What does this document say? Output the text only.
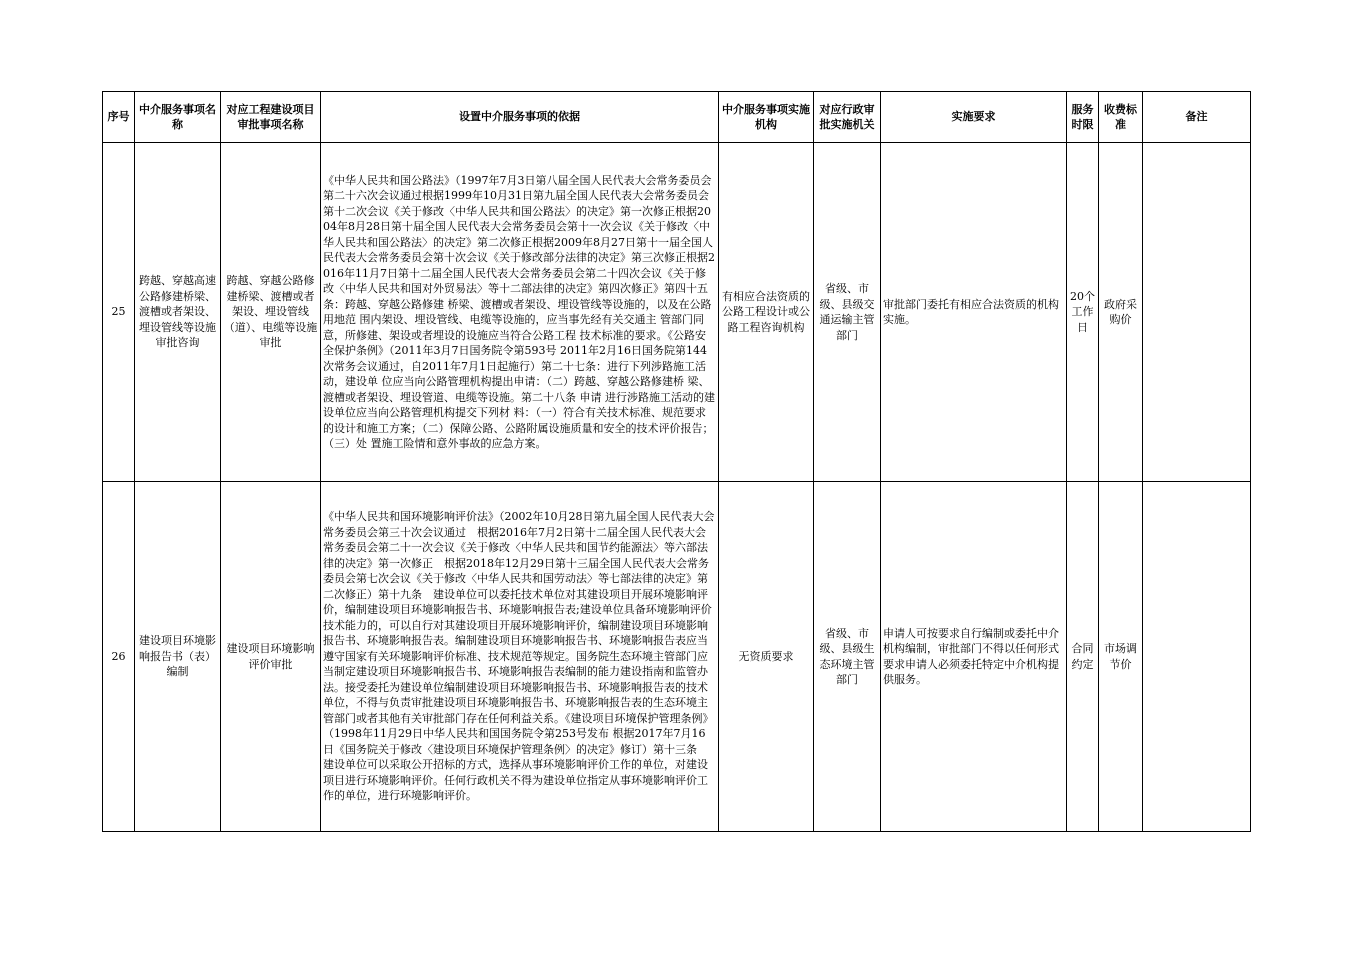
序号	中介服务事项名称	对应工程建设项目审批事项名称	设置中介服务事项的依据	中介服务事项实施机构	对应行政审批实施机关	实施要求	服务时限	收费标准	备注
25	跨越、穿越高速公路修建桥梁、渡槽或者架设、埋设管线等设施审批咨询	跨越、穿越公路修建桥梁、渡槽或者架设、埋设管线（道）、电缆等设施审批	《中华人民共和国公路法》（1997年7月3日第八届全国人民代表大会常务委员会第二十六次会议通过根据1999年10月31日第九届全国人民代表大会常务委员会第十二次会议《关于修改〈中华人民共和国公路法〉的决定》第一次修正根据2004年8月28日第十届全国人民代表大会常务委员会第十一次会议《关于修改〈中华人民共和国公路法〉的决定》第二次修正根据2009年8月27日第十一届全国人民代表大会常务委员会第十次会议《关于修改部分法律的决定》第三次修正根据2016年11月7日第十二届全国人民代表大会常务委员会第二十四次会议《关于修改〈中华人民共和国对外贸易法〉等十二部法律的决定》第四次修正》第四十五条：跨越、穿越公路修建 桥梁、渡槽或者架设、埋设管线等设施的，以及在公路用地范 围内架设、埋设管线、电缆等设施的，应当事先经有关交通主 管部门同意，所修建、架设或者埋设的设施应当符合公路工程 技术标准的要求。《公路安全保护条例》（2011年3月7日国务院令第593号 2011年2月16日国务院第144次常务会议通过，自2011年7月1日起施行）第二十七条：进行下列涉路施工活动，建设单 位应当向公路管理机构提出申请：（二）跨越、穿越公路修建桥 梁、渡槽或者架设、埋设管道、电缆等设施。第二十八条 申请 进行涉路施工活动的建设单位应当向公路管理机构提交下列材 料：（一）符合有关技术标准、规范要求的设计和施工方案；（二）保障公路、公路附属设施质量和安全的技术评价报告；（三）处 置施工险情和意外事故的应急方案。	有相应合法资质的公路工程设计或公路工程咨询机构	省级、市级、县级交通运输主管部门	审批部门委托有相应合法资质的机构实施。	20个工作日	政府采购价	
26	建设项目环境影响报告书（表）编制	建设项目环境影响评价审批	《中华人民共和国环境影响评价法》（2002年10月28日第九届全国人民代表大会常务委员会第三十次会议通过　根据2016年7月2日第十二届全国人民代表大会常务委员会第二十一次会议《关于修改〈中华人民共和国节约能源法〉等六部法律的决定》第一次修正　根据2018年12月29日第十三届全国人民代表大会常务委员会第七次会议《关于修改〈中华人民共和国劳动法〉等七部法律的决定》第二次修正）第十九条　建设单位可以委托技术单位对其建设项目开展环境影响评价，编制建设项目环境影响报告书、环境影响报告表;建设单位具备环境影响评价技术能力的，可以自行对其建设项目开展环境影响评价，编制建设项目环境影响报告书、环境影响报告表。编制建设项目环境影响报告书、环境影响报告表应当遵守国家有关环境影响评价标准、技术规范等规定。国务院生态环境主管部门应当制定建设项目环境影响报告书、环境影响报告表编制的能力建设指南和监管办法。接受委托为建设单位编制建设项目环境影响报告书、环境影响报告表的技术单位，不得与负责审批建设项目环境影响报告书、环境影响报告表的生态环境主管部门或者其他有关审批部门存在任何利益关系。《建设项目环境保护管理条例》（1998年11月29日中华人民共和国国务院令第253号发布 根据2017年7月16日《国务院关于修改〈建设项目环境保护管理条例〉的决定》修订）第十三条　建设单位可以采取公开招标的方式，选择从事环境影响评价工作的单位，对建设项目进行环境影响评价。任何行政机关不得为建设单位指定从事环境影响评价工作的单位，进行环境影响评价。	无资质要求	省级、市级、县级生态环境主管部门	申请人可按要求自行编制或委托中介机构编制，审批部门不得以任何形式要求申请人必须委托特定中介机构提供服务。	合同约定	市场调节价	
